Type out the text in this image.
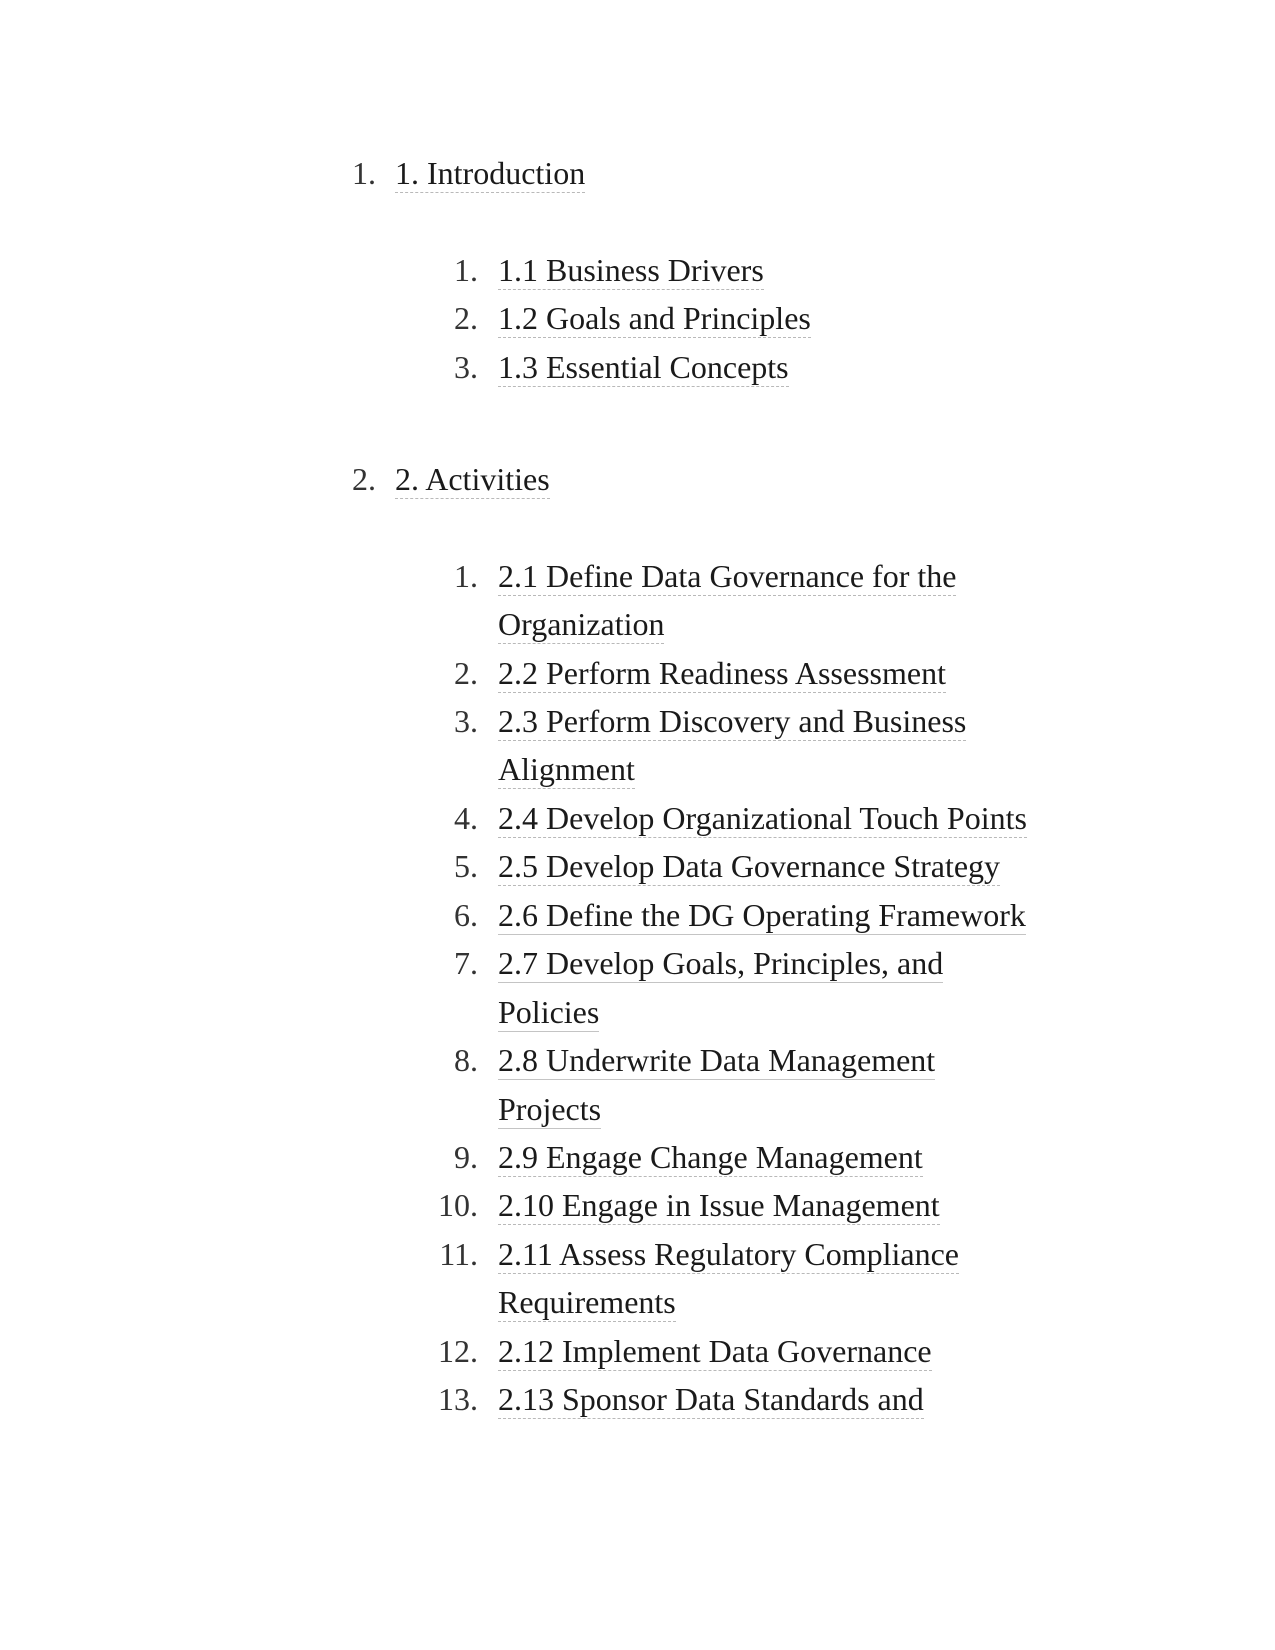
1. 1. Introduction
1. 1.1 Business Drivers
2. 1.2 Goals and Principles
3. 1.3 Essential Concepts
2. 2. Activities
1. 2.1 Define Data Governance for the
Organization
2. 2.2 Perform Readiness Assessment
3. 2.3 Perform Discovery and Business
Alignment
4. 2.4 Develop Organizational Touch Points
5. 2.5 Develop Data Governance Strategy
6. 2.6 Define the DG Operating Framework
7. 2.7 Develop Goals, Principles, and
Policies
8. 2.8 Underwrite Data Management
Projects
9. 2.9 Engage Change Management
10. 2.10 Engage in Issue Management
11. 2.11 Assess Regulatory Compliance
Requirements
12. 2.12 Implement Data Governance
13. 2.13 Sponsor Data Standards and
